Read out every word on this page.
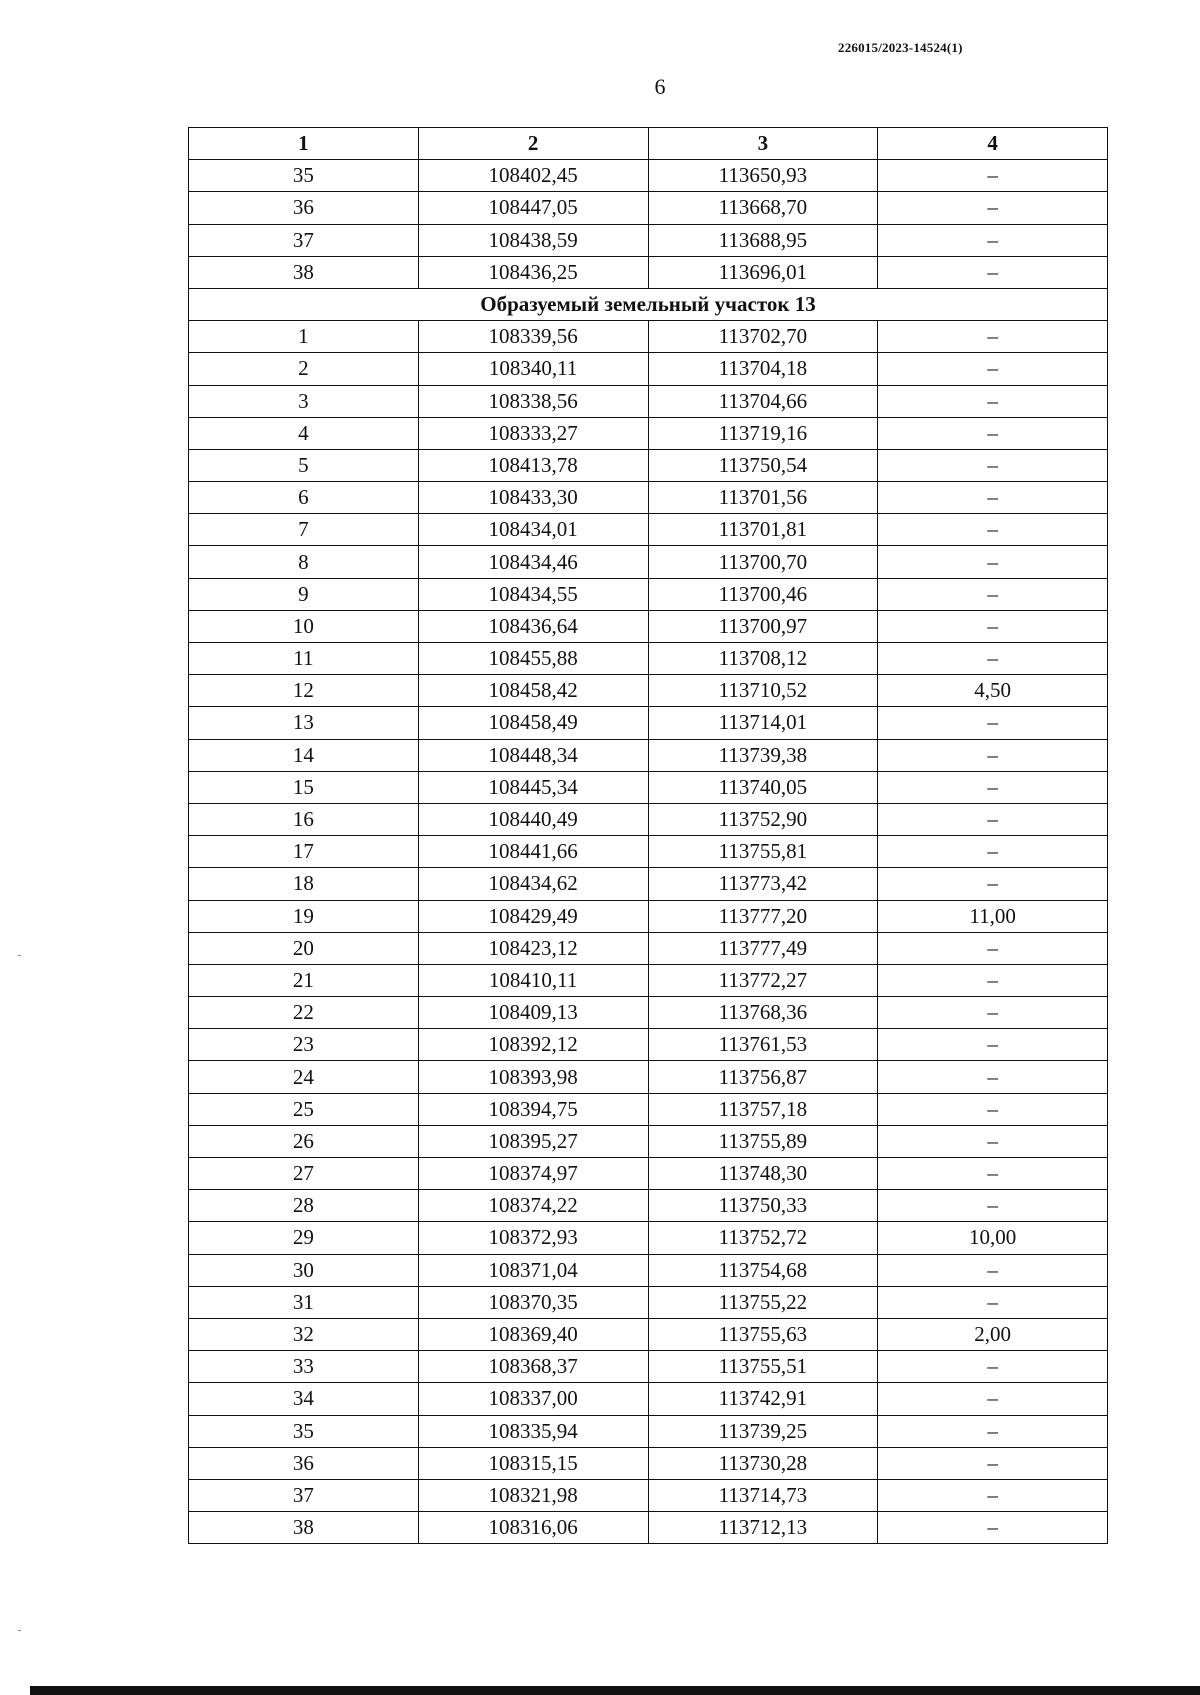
226015/2023-14524(1)
6
1	2	3	4
35	108402,45	113650,93	–
36	108447,05	113668,70	–
37	108438,59	113688,95	–
38	108436,25	113696,01	–
Образуемый земельный участок 13			
1	108339,56	113702,70	–
2	108340,11	113704,18	–
3	108338,56	113704,66	–
4	108333,27	113719,16	–
5	108413,78	113750,54	–
6	108433,30	113701,56	–
7	108434,01	113701,81	–
8	108434,46	113700,70	–
9	108434,55	113700,46	–
10	108436,64	113700,97	–
11	108455,88	113708,12	–
12	108458,42	113710,52	4,50
13	108458,49	113714,01	–
14	108448,34	113739,38	–
15	108445,34	113740,05	–
16	108440,49	113752,90	–
17	108441,66	113755,81	–
18	108434,62	113773,42	–
19	108429,49	113777,20	11,00
20	108423,12	113777,49	–
21	108410,11	113772,27	–
22	108409,13	113768,36	–
23	108392,12	113761,53	–
24	108393,98	113756,87	–
25	108394,75	113757,18	–
26	108395,27	113755,89	–
27	108374,97	113748,30	–
28	108374,22	113750,33	–
29	108372,93	113752,72	10,00
30	108371,04	113754,68	–
31	108370,35	113755,22	–
32	108369,40	113755,63	2,00
33	108368,37	113755,51	–
34	108337,00	113742,91	–
35	108335,94	113739,25	–
36	108315,15	113730,28	–
37	108321,98	113714,73	–
38	108316,06	113712,13	–
